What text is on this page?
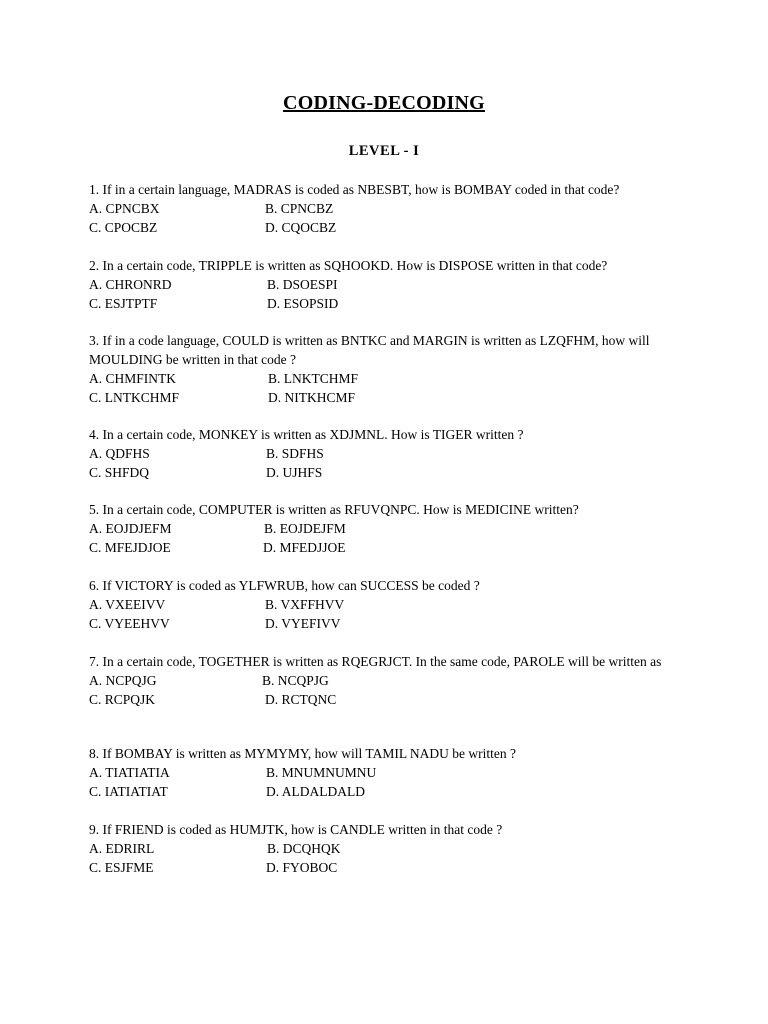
CODING-DECODING
LEVEL - I
1. If in a certain language, MADRAS is coded as NBESBT, how is BOMBAY coded in that code?
A. CPNCBX	B. CPNCBZ
C. CPOCBZ	D. CQOCBZ
2. In a certain code, TRIPPLE is written as SQHOOKD. How is DISPOSE written in that code?
A. CHRONRD	B. DSOESPI
C. ESJTPTF	D. ESOPSID
3. If in a code language, COULD is written as BNTKC and MARGIN is written as LZQFHM, how will MOULDING be written in that code ?
A. CHMFINTK	B. LNKTCHMF
C. LNTKCHMF	D. NITKHCMF
4. In a certain code, MONKEY is written as XDJMNL. How is TIGER written ?
A. QDFHS	B. SDFHS
C. SHFDQ	D. UJHFS
5. In a certain code, COMPUTER is written as RFUVQNPC. How is MEDICINE written?
A. EOJDJEFM	B. EOJDEJFM
C. MFEJDJOE	D. MFEDJJOE
6. If VICTORY is coded as YLFWRUB, how can SUCCESS be coded ?
A. VXEEIVV	B. VXFFHVV
C. VYEEHVV	D. VYEFIVV
7. In a certain code, TOGETHER is written as RQEGRJCT. In the same code, PAROLE will be written as
A. NCPQJG	B. NCQPJG
C. RCPQJK	D. RCTQNC
8. If BOMBAY is written as MYMYMY, how will TAMIL NADU be written ?
A. TIATIATIA	B. MNUMNUMNU
C. IATIATIAT	D. ALDALDALD
9. If FRIEND is coded as HUMJTK, how is CANDLE written in that code ?
A. EDRIRL	B. DCQHQK
C. ESJFME	D. FYOBOC
